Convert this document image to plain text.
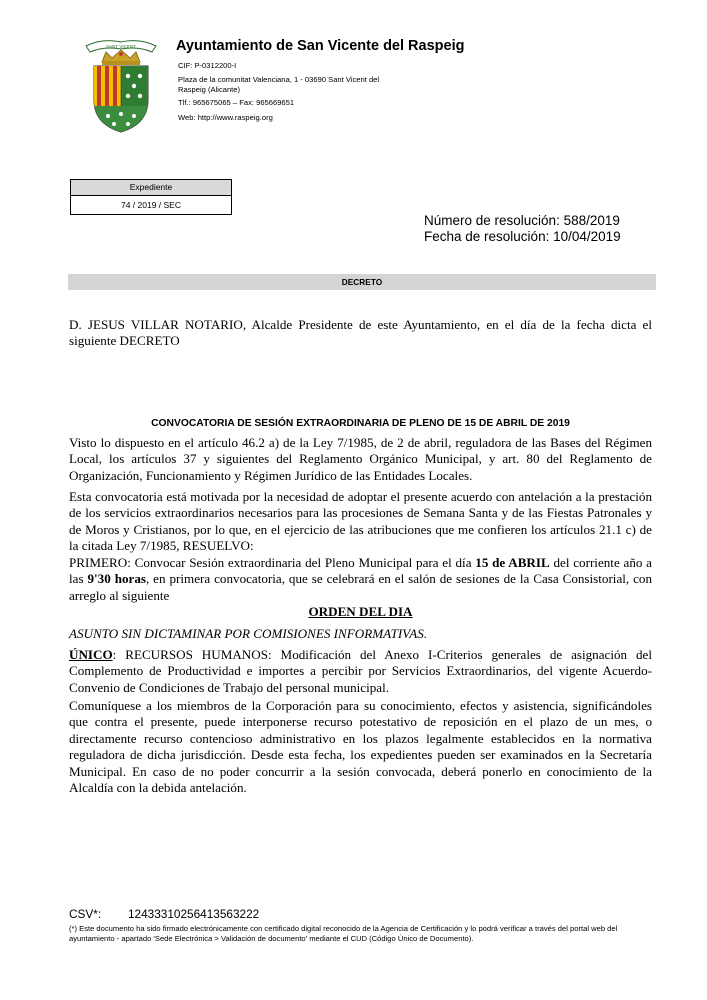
SANT VICENT	Ayuntamiento de San Vicente del Raspeig
CIF: P-0312200-I
Plaza de la comunitat Valenciana, 1 - 03690 Sant Vicent del
Raspeig (Alicante)
Tlf.: 965675065 – Fax: 965669651
Web: http://www.raspeig.org
Expediente
74 / 2019 / SEC
Número de resolución: 588/2019
Fecha de resolución: 10/04/2019
DECRETO
D. JESUS VILLAR NOTARIO, Alcalde Presidente de este Ayuntamiento, en el día de la fecha dicta el siguiente DECRETO
CONVOCATORIA DE SESIÓN EXTRAORDINARIA DE PLENO DE 15 DE ABRIL DE 2019
Visto lo dispuesto en el artículo 46.2 a) de la Ley 7/1985, de 2 de abril, reguladora de las Bases del Régimen Local, los artículos 37 y siguientes del Reglamento Orgánico Municipal, y art. 80 del Reglamento de Organización, Funcionamiento y Régimen Jurídico de las Entidades Locales.
Esta convocatoria está motivada por la necesidad de adoptar el presente acuerdo con antelación a la prestación de los servicios extraordinarios necesarios para las procesiones de Semana Santa y de las Fiestas Patronales y de Moros y Cristianos, por lo que, en el ejercicio de las atribuciones que me confieren los artículos 21.1 c) de la citada Ley 7/1985, RESUELVO:
PRIMERO: Convocar Sesión extraordinaria del Pleno Municipal para el día 15 de ABRIL del corriente año a las 9'30 horas, en primera convocatoria, que se celebrará en el salón de sesiones de la Casa Consistorial, con arreglo al siguiente
ORDEN DEL DIA
ASUNTO SIN DICTAMINAR POR COMISIONES INFORMATIVAS.
ÚNICO: RECURSOS HUMANOS: Modificación del Anexo I-Criterios generales de asignación del Complemento de Productividad e importes a percibir por Servicios Extraordinarios, del vigente Acuerdo-Convenio de Condiciones de Trabajo del personal municipal.
Comuníquese a los miembros de la Corporación para su conocimiento, efectos y asistencia, significándoles que contra el presente, puede interponerse recurso potestativo de reposición en el plazo de un mes, o directamente recurso contencioso administrativo en los plazos legalmente establecidos en la normativa reguladora de dicha jurisdicción. Desde esta fecha, los expedientes pueden ser examinados en la Secretaría Municipal. En caso de no poder concurrir a la sesión convocada, deberá ponerlo en conocimiento de la Alcaldía con la debida antelación.
CSV*: 12433310256413563222
(*) Este documento ha sido firmado electrónicamente con certificado digital reconocido de la Agencia de Certificación y lo podrá verificar a través del portal web del ayuntamiento - apartado 'Sede Electrónica > Validación de documento' mediante el CUD (Código Único de Documento).
